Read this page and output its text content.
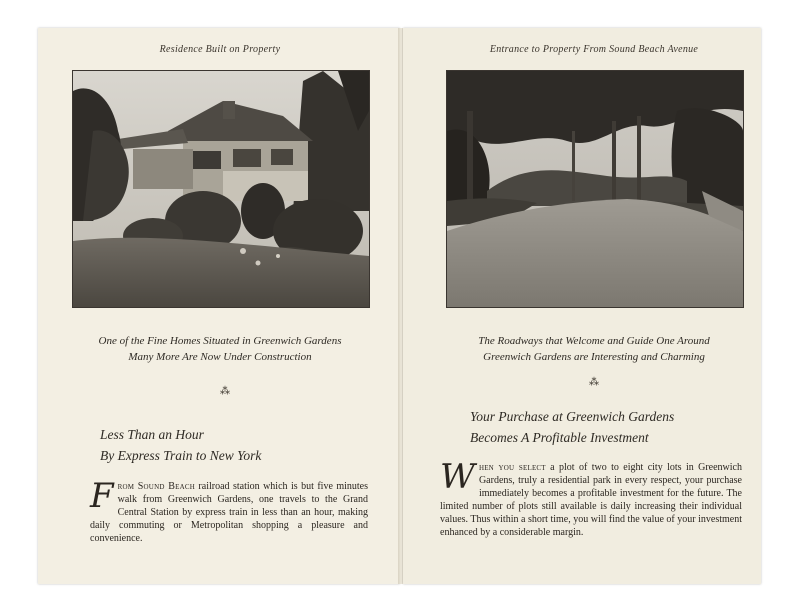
Residence Built on Property
One of the Fine Homes Situated in Greenwich Gardens
Many More Are Now Under Construction
⁂
Less Than an Hour
By Express Train to New York
From Sound Beach railroad station which is but five minutes walk from Greenwich Gardens, one travels to the Grand Central Station by express train in less than an hour, making daily commuting or Metropolitan shopping a pleasure and convenience.
Entrance to Property From Sound Beach Avenue
The Roadways that Welcome and Guide One Around
Greenwich Gardens are Interesting and Charming
⁂
Your Purchase at Greenwich Gardens
Becomes A Profitable Investment
When you select a plot of two to eight city lots in Greenwich Gardens, truly a residential park in every respect, your purchase immediately becomes a profitable investment for the future. The limited number of plots still available is daily increasing their individual values. Thus within a short time, you will find the value of your investment enhanced by a considerable margin.
